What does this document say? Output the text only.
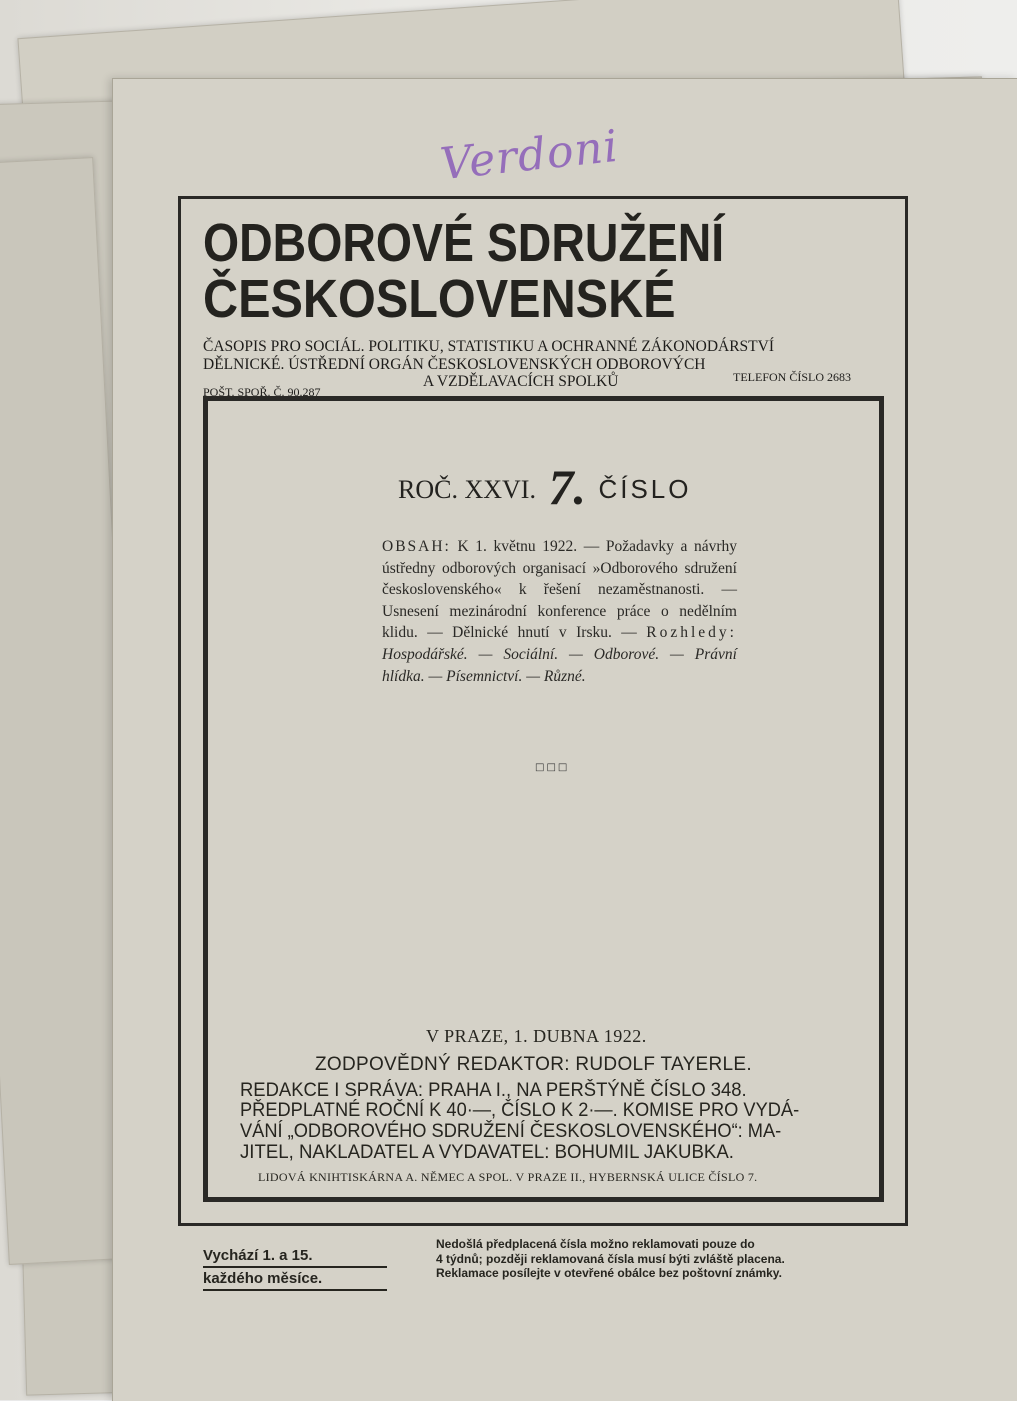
Verdoni
ODBOROVÉ SDRUŽENÍ
ČESKOSLOVENSKÉ
ČASOPIS PRO SOCIÁL. POLITIKU, STATISTIKU A OCHRANNÉ ZÁKONODÁRSTVÍ
DĚLNICKÉ. ÚSTŘEDNÍ ORGÁN ČESKOSLOVENSKÝCH ODBOROVÝCH
A VZDĚLAVACÍCH SPOLKŮ
POŠT. SPOŘ. Č. 90.287
TELEFON ČÍSLO 2683
ROČ. XXVI. 7. ČÍSLO
OBSAH: K 1. květnu 1922. — Požadavky a návrhy ústředny odborových organisací »Odborového sdružení československého« k řešení nezaměstnanosti. — Usnesení mezinárodní konference práce o nedělním klidu. — Dělnické hnutí v Irsku. — Rozhledy: Hospodářské. — Sociální. — Odborové. — Právní hlídka. — Písemnictví. — Různé.
□□□
V PRAZE, 1. DUBNA 1922.
ZODPOVĚDNÝ REDAKTOR: RUDOLF TAYERLE.
REDAKCE I SPRÁVA: PRAHA I., NA PERŠTÝNĚ ČÍSLO 348.
PŘEDPLATNÉ ROČNÍ K 40·—, ČÍSLO K 2·—. KOMISE PRO VYDÁ-
VÁNÍ „ODBOROVÉHO SDRUŽENÍ ČESKOSLOVENSKÉHO“: MA-
JITEL, NAKLADATEL A VYDAVATEL: BOHUMIL JAKUBKA.
LIDOVÁ KNIHTISKÁRNA A. NĚMEC A SPOL. V PRAZE II., HYBERNSKÁ ULICE ČÍSLO 7.
Vychází 1. a 15.
každého měsíce.
Nedošlá předplacená čísla možno reklamovati pouze do
4 týdnů; později reklamovaná čísla musí býti zvláště placena.
Reklamace posílejte v otevřené obálce bez poštovní známky.
